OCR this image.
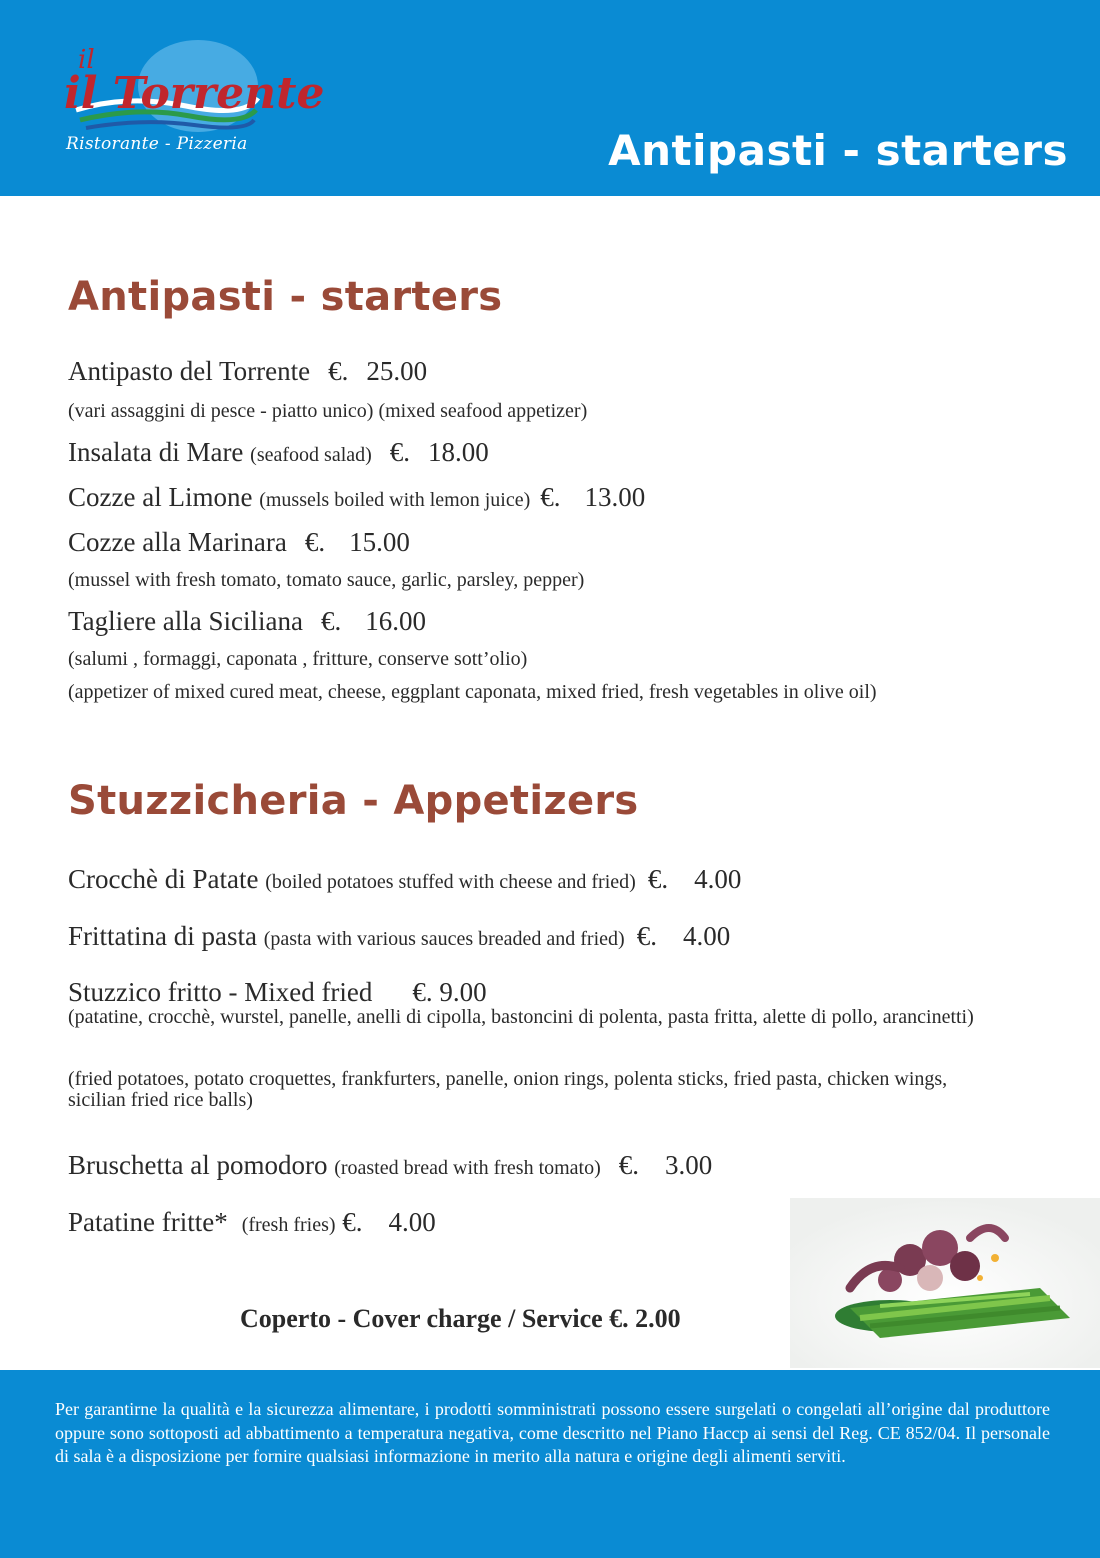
il
il Torrente
Ristorante - Pizzeria	Antipasti - starters
Antipasti - starters
Antipasto del Torrente €. 25.00
(vari assaggini di pesce - piatto unico) (mixed seafood appetizer)
Insalata di Mare (seafood salad) €. 18.00
Cozze al Limone (mussels boiled with lemon juice) €. 13.00
Cozze alla Marinara €. 15.00
(mussel with fresh tomato, tomato sauce, garlic, parsley, pepper)
Tagliere alla Siciliana €. 16.00
(salumi , formaggi, caponata , fritture, conserve sott’olio)
(appetizer of mixed cured meat, cheese, eggplant caponata, mixed fried, fresh vegetables in olive oil)
Stuzzicheria - Appetizers
Crocchè di Patate (boiled potatoes stuffed with cheese and fried) €. 4.00
Frittatina di pasta (pasta with various sauces breaded and fried) €. 4.00
Stuzzico fritto - Mixed fried €. 9.00
(patatine, crocchè, wurstel, panelle, anelli di cipolla, bastoncini di polenta, pasta fritta, alette di pollo, arancinetti)
(fried potatoes, potato croquettes, frankfurters, panelle, onion rings, polenta sticks, fried pasta, chicken wings, sicilian fried rice balls)
Bruschetta al pomodoro (roasted bread with fresh tomato) €. 3.00
Patatine fritte* (fresh fries) €. 4.00
Coperto - Cover charge / Service €. 2.00
Per garantirne la qualità e la sicurezza alimentare, i prodotti somministrati possono essere surgelati o congelati all’origine dal produttore oppure sono sottoposti ad abbattimento a temperatura negativa, come descritto nel Piano Haccp ai sensi del Reg. CE 852/04. Il personale di sala è a disposizione per fornire qualsiasi informazione in merito alla natura e origine degli alimenti serviti.
